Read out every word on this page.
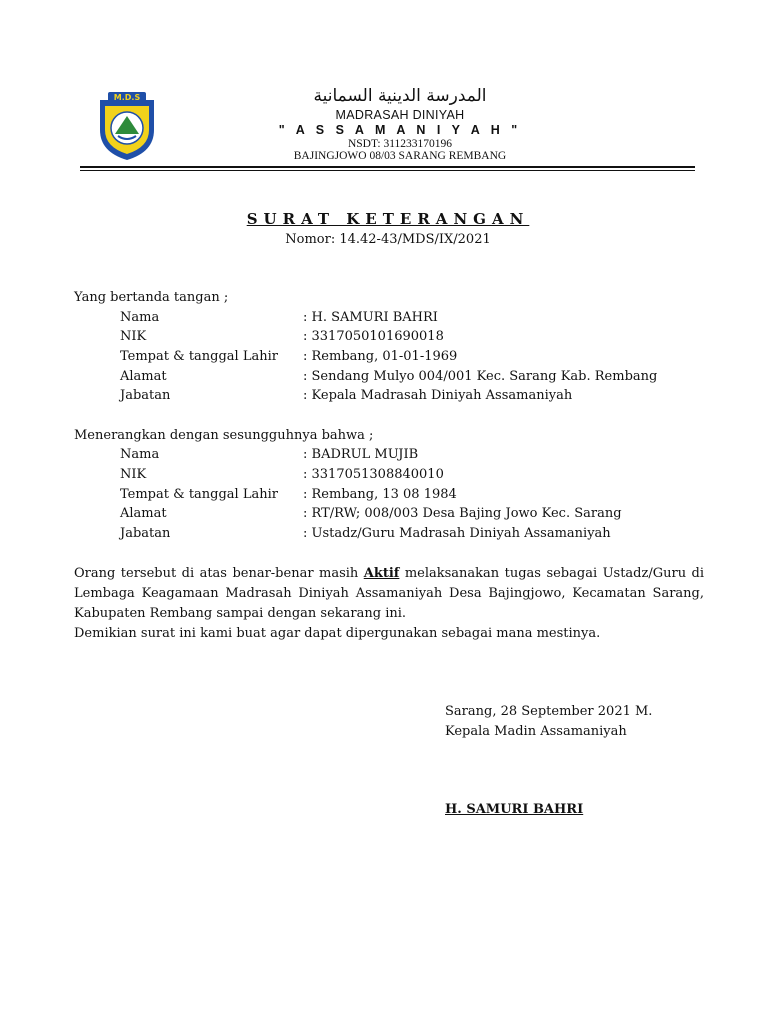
M.D.S	المدرسة الدينية السمانية
MADRASAH DINIYAH
" A S S A M A N I Y A H "
NSDT: 311233170196
BAJINGJOWO 08/03 SARANG REMBANG
SURAT KETERANGAN
Nomor: 14.42-43/MDS/IX/2021
Yang bertanda tangan ;
Nama	: H. SAMURI BAHRI
NIK	: 3317050101690018
Tempat & tanggal Lahir : Rembang, 01-01-1969
Alamat	: Sendang Mulyo 004/001 Kec. Sarang Kab. Rembang
Jabatan	: Kepala Madrasah Diniyah Assamaniyah
Menerangkan dengan sesungguhnya bahwa ;
Nama	: BADRUL MUJIB
NIK	: 3317051308840010
Tempat & tanggal Lahir : Rembang, 13 08 1984
Alamat	: RT/RW; 008/003 Desa Bajing Jowo Kec. Sarang
Jabatan	: Ustadz/Guru Madrasah Diniyah Assamaniyah
Orang tersebut di atas benar-benar masih Aktif melaksanakan tugas sebagai Ustadz/Guru di Lembaga Keagamaan Madrasah Diniyah Assamaniyah Desa Bajingjowo, Kecamatan Sarang, Kabupaten Rembang sampai dengan sekarang ini.
Demikian surat ini kami buat agar dapat dipergunakan sebagai mana mestinya.
Sarang, 28 September 2021 M.
Kepala Madin Assamaniyah
H. SAMURI BAHRI
